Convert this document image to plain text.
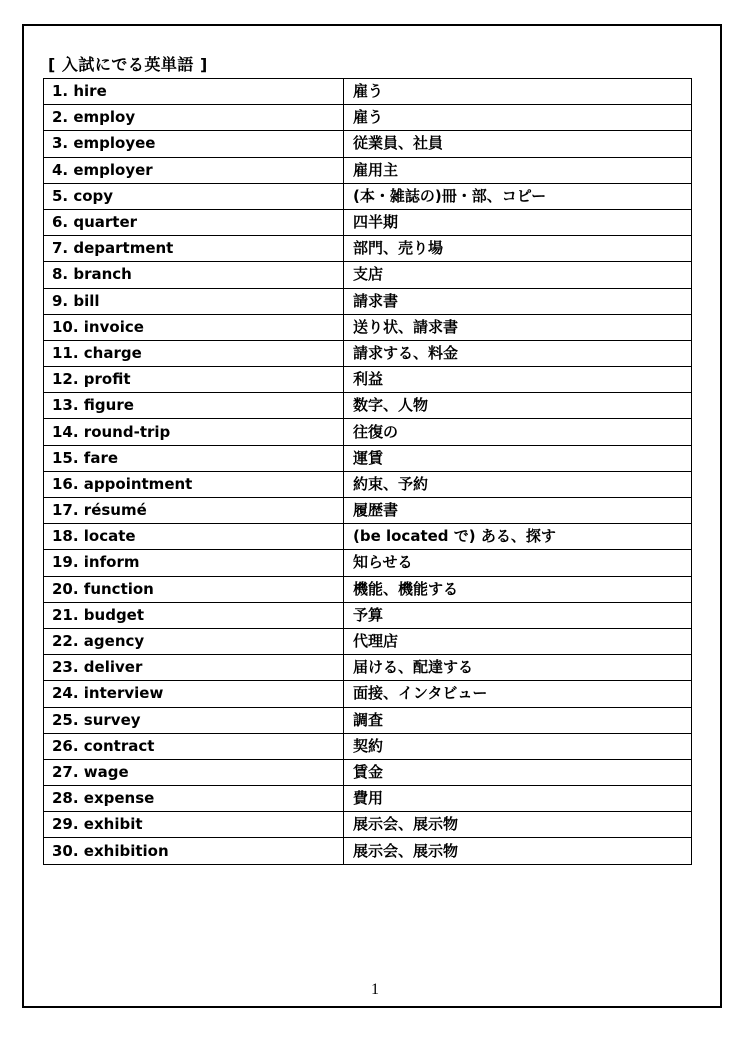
[ 入試にでる英単語 ]
1. hire	雇う
2. employ	雇う
3. employee	従業員、社員
4. employer	雇用主
5. copy	(本・雑誌の)冊・部、コピー
6. quarter	四半期
7. department	部門、売り場
8. branch	支店
9. bill	請求書
10. invoice	送り状、請求書
11. charge	請求する、料金
12. profit	利益
13. figure	数字、人物
14. round-trip	往復の
15. fare	運賃
16. appointment	約束、予約
17. résumé	履歴書
18. locate	(be located で) ある、探す
19. inform	知らせる
20. function	機能、機能する
21. budget	予算
22. agency	代理店
23. deliver	届ける、配達する
24. interview	面接、インタビュー
25. survey	調査
26. contract	契約
27. wage	賃金
28. expense	費用
29. exhibit	展示会、展示物
30. exhibition	展示会、展示物
1
